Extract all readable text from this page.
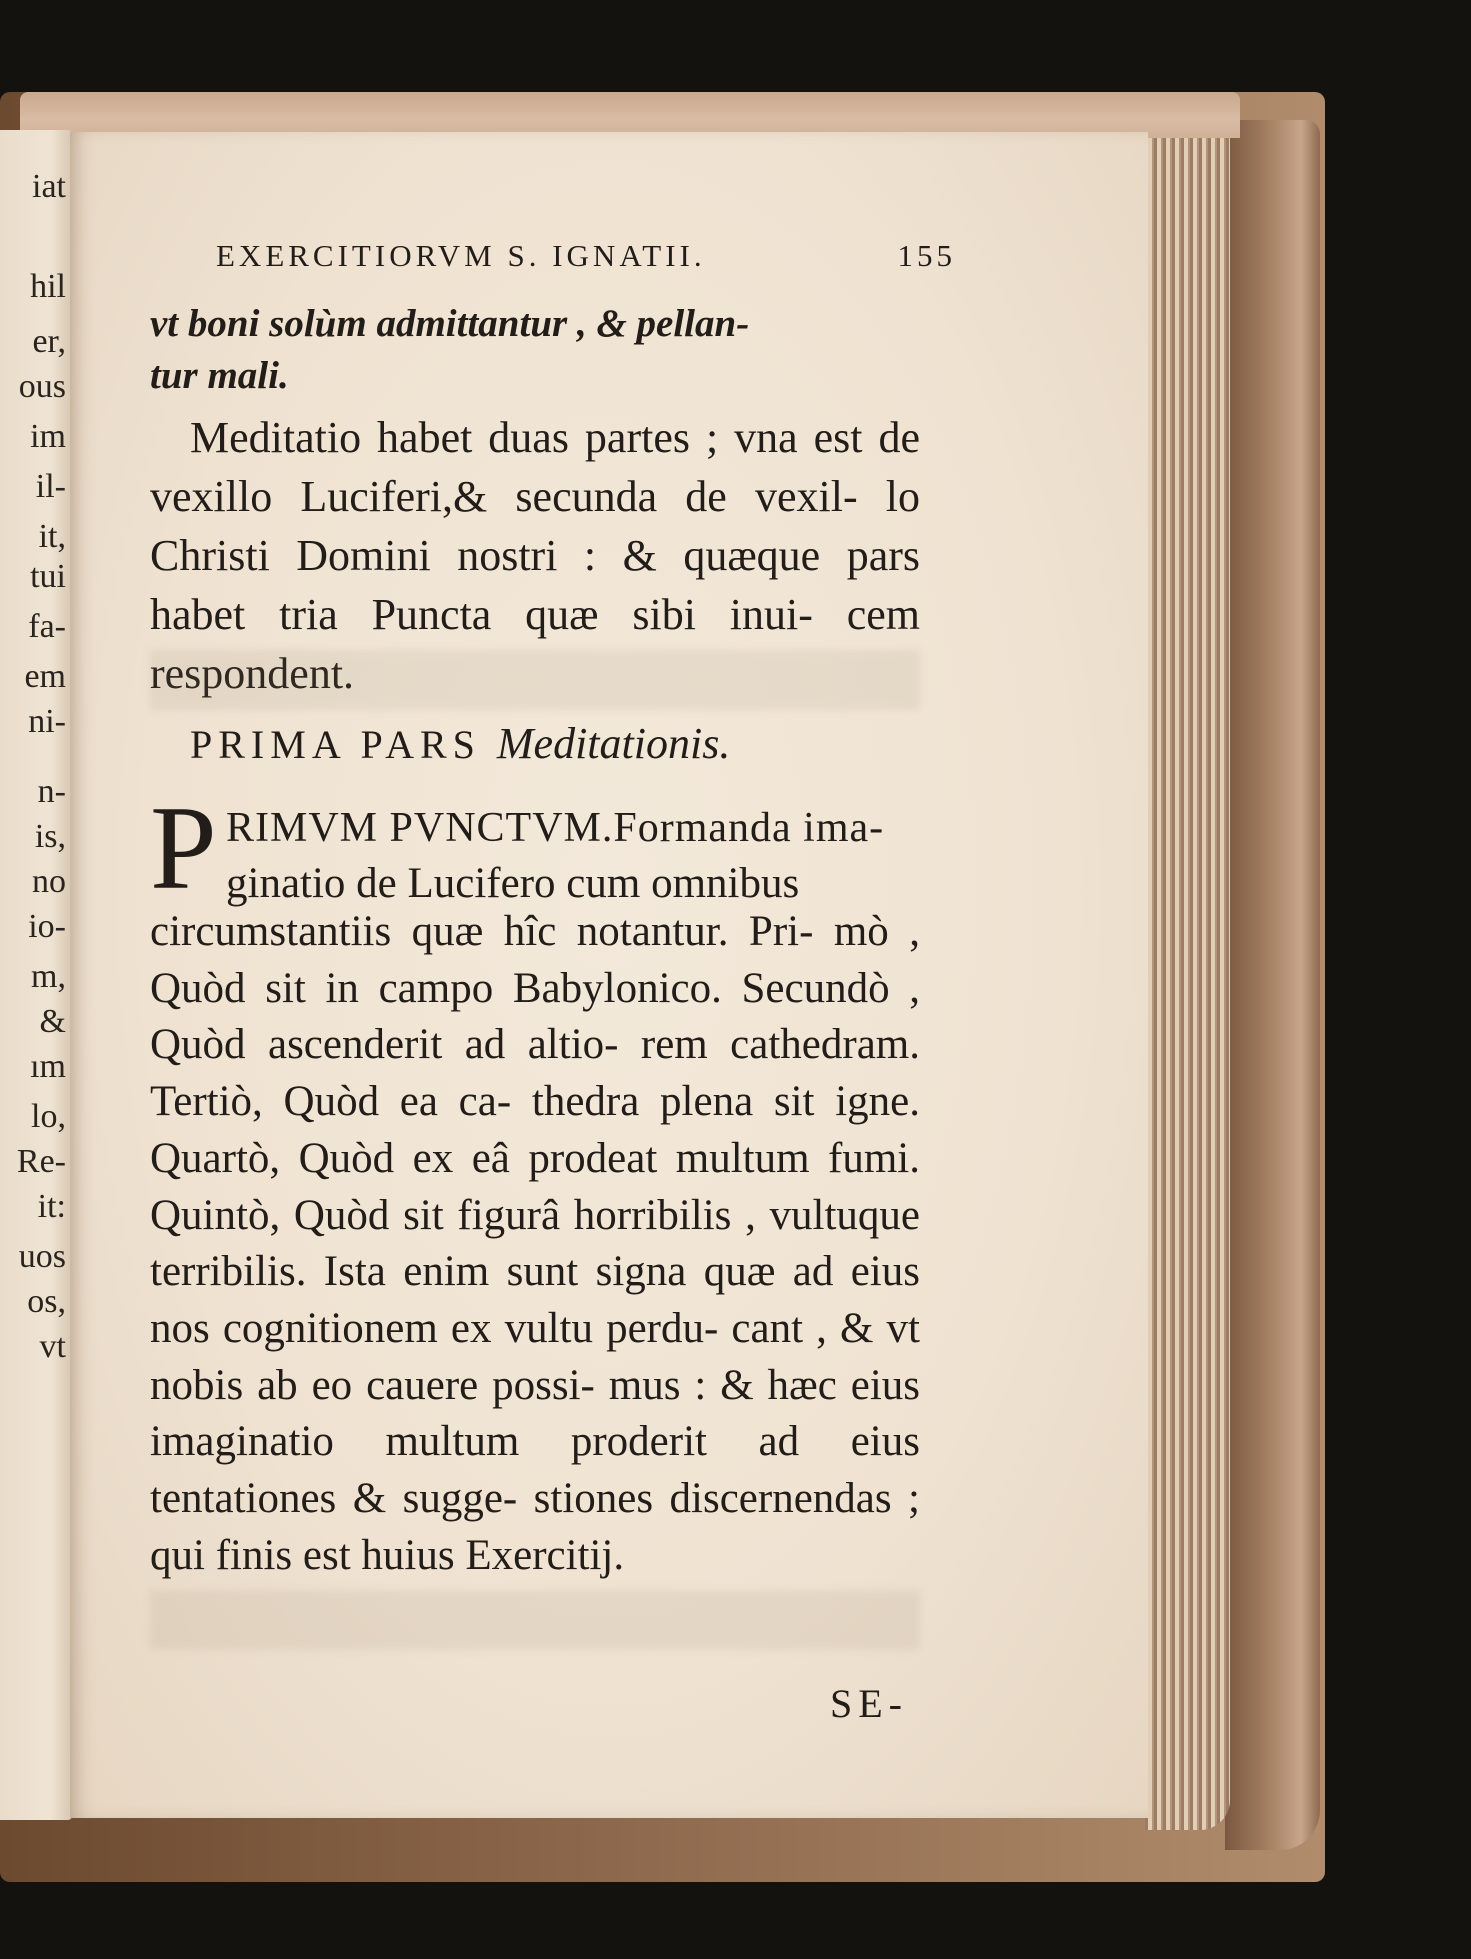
iat
hil
er,
ous
im
il-
it,
tui
fa-
em
ni-
n-
is,
no
io-
m,
&
ım
lo,
Re-
it:
uos
os,
vt
EXERCITIORVM S. IGNATII.	155
vt boni solùm admittantur , & pellan-
tur mali.
Meditatio habet duas partes ; vna est de vexillo Luciferi,& secunda de vexil- lo Christi Domini nostri : & quæque pars habet tria Puncta quæ sibi inui- cem respondent.
PRIMA PARS Meditationis.
P RIMVM PVNCTVM.Formanda ima-
ginatio de Lucifero cum omnibus
circumstantiis quæ hîc notantur. Pri- mò , Quòd sit in campo Babylonico. Secundò , Quòd ascenderit ad altio- rem cathedram. Tertiò, Quòd ea ca- thedra plena sit igne. Quartò, Quòd ex eâ prodeat multum fumi. Quintò, Quòd sit figurâ horribilis , vultuque terribilis. Ista enim sunt signa quæ ad eius nos cognitionem ex vultu perdu- cant , & vt nobis ab eo cauere possi- mus : & hæc eius imaginatio multum proderit ad eius tentationes & sugge- stiones discernendas ; qui finis est huius Exercitij.
SE-
